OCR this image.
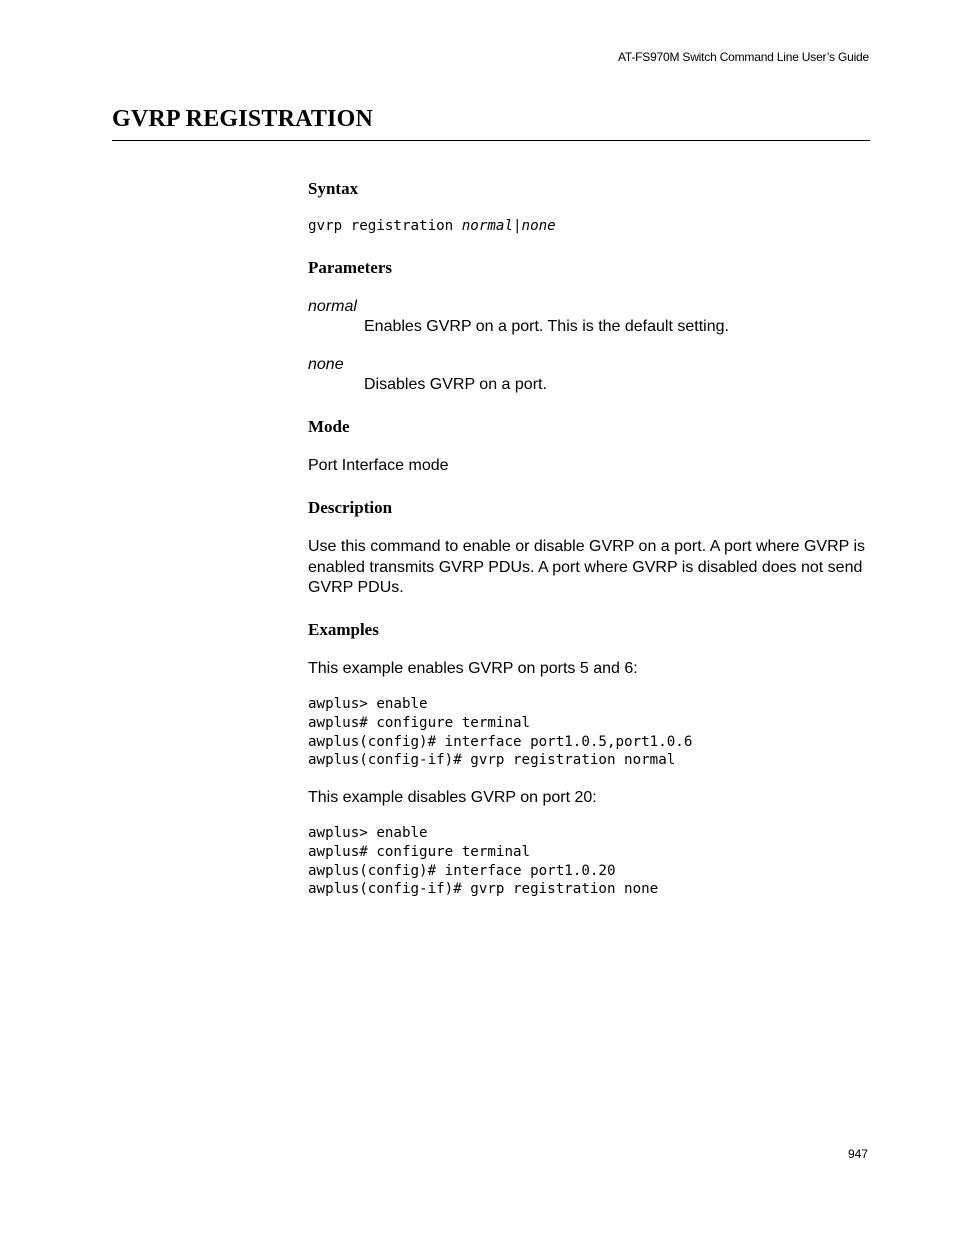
AT-FS970M Switch Command Line User’s Guide
GVRP REGISTRATION
Syntax
gvrp registration normal|none
Parameters
normal
Enables GVRP on a port. This is the default setting.
none
Disables GVRP on a port.
Mode

Port Interface mode

Description

Use this command to enable or disable GVRP on a port. A port where GVRP is enabled transmits GVRP PDUs. A port where GVRP is disabled does not send GVRP PDUs.

Examples

This example enables GVRP on ports 5 and 6:

awplus> enable
awplus# configure terminal
awplus(config)# interface port1.0.5,port1.0.6
awplus(config-if)# gvrp registration normal

This example disables GVRP on port 20:

awplus> enable
awplus# configure terminal
awplus(config)# interface port1.0.20
awplus(config-if)# gvrp registration none
947
